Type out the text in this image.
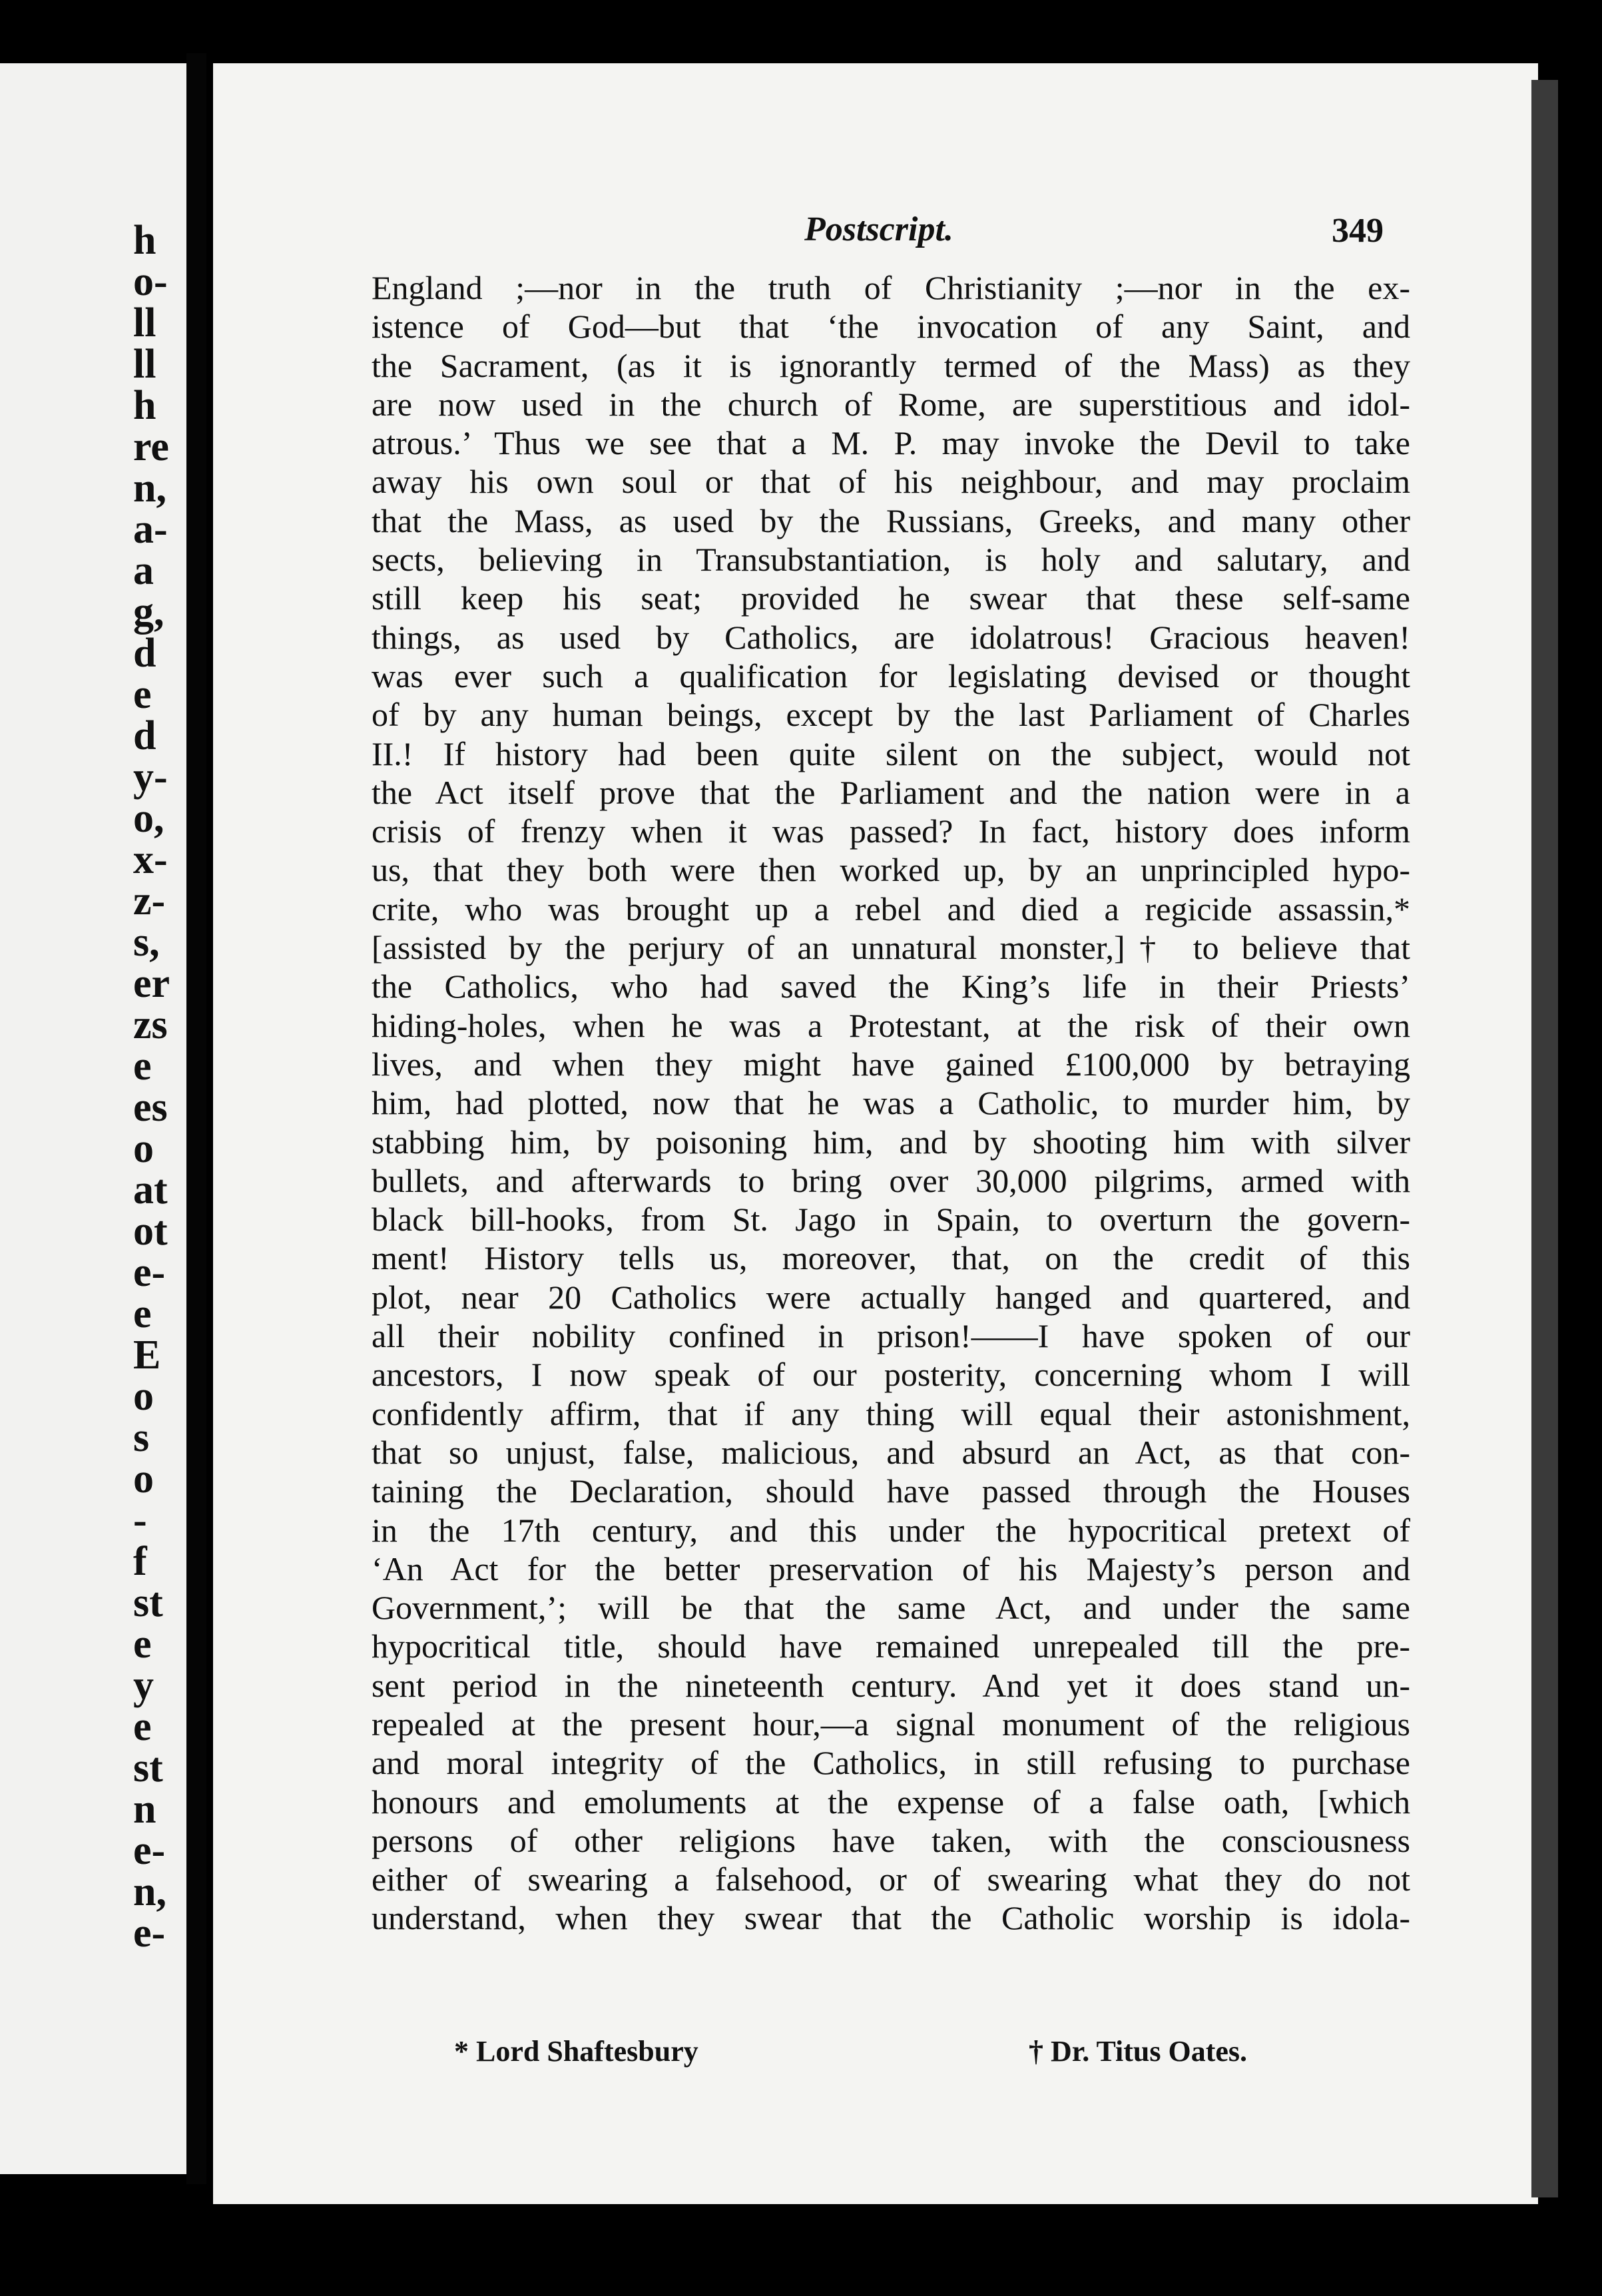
h
o-
ll
ll
h
re
n,
a-
a
g,
d
e
d
y-
o,
x-
z-
s,
er
zs
e
es
o
at
ot
e-
e
E
o
s
o
-
f
st
e
y
e
st
n
e-
n,
e-
Postscript.	349
England ;—nor in the truth of Christianity ;—nor in the ex-
istence of God—but that ‘the invocation of any Saint, and
the Sacrament, (as it is ignorantly termed of the Mass) as they
are now used in the church of Rome, are superstitious and idol-
atrous.’ Thus we see that a M. P. may invoke the Devil to take
away his own soul or that of his neighbour, and may proclaim
that the Mass, as used by the Russians, Greeks, and many other
sects, believing in Transubstantiation, is holy and salutary, and
still keep his seat; provided he swear that these self-same
things, as used by Catholics, are idolatrous! Gracious heaven!
was ever such a qualification for legislating devised or thought
of by any human beings, except by the last Parliament of Charles
II.! If history had been quite silent on the subject, would not
the Act itself prove that the Parliament and the nation were in a
crisis of frenzy when it was passed? In fact, history does inform
us, that they both were then worked up, by an unprincipled hypo-
crite, who was brought up a rebel and died a regicide assassin,*
[assisted by the perjury of an unnatural monster,]† to believe that
the Catholics, who had saved the King’s life in their Priests’
hiding-holes, when he was a Protestant, at the risk of their own
lives, and when they might have gained £100,000 by betraying
him, had plotted, now that he was a Catholic, to murder him, by
stabbing him, by poisoning him, and by shooting him with silver
bullets, and afterwards to bring over 30,000 pilgrims, armed with
black bill-hooks, from St. Jago in Spain, to overturn the govern-
ment! History tells us, moreover, that, on the credit of this
plot, near 20 Catholics were actually hanged and quartered, and
all their nobility confined in prison!——I have spoken of our
ancestors, I now speak of our posterity, concerning whom I will
confidently affirm, that if any thing will equal their astonishment,
that so unjust, false, malicious, and absurd an Act, as that con-
taining the Declaration, should have passed through the Houses
in the 17th century, and this under the hypocritical pretext of
‘An Act for the better preservation of his Majesty’s person and
Government,’; will be that the same Act, and under the same
hypocritical title, should have remained unrepealed till the pre-
sent period in the nineteenth century. And yet it does stand un-
repealed at the present hour,—a signal monument of the religious
and moral integrity of the Catholics, in still refusing to purchase
honours and emoluments at the expense of a false oath, [which
persons of other religions have taken, with the consciousness
either of swearing a falsehood, or of swearing what they do not
understand, when they swear that the Catholic worship is idola-
* Lord Shaftesbury	† Dr. Titus Oates.
